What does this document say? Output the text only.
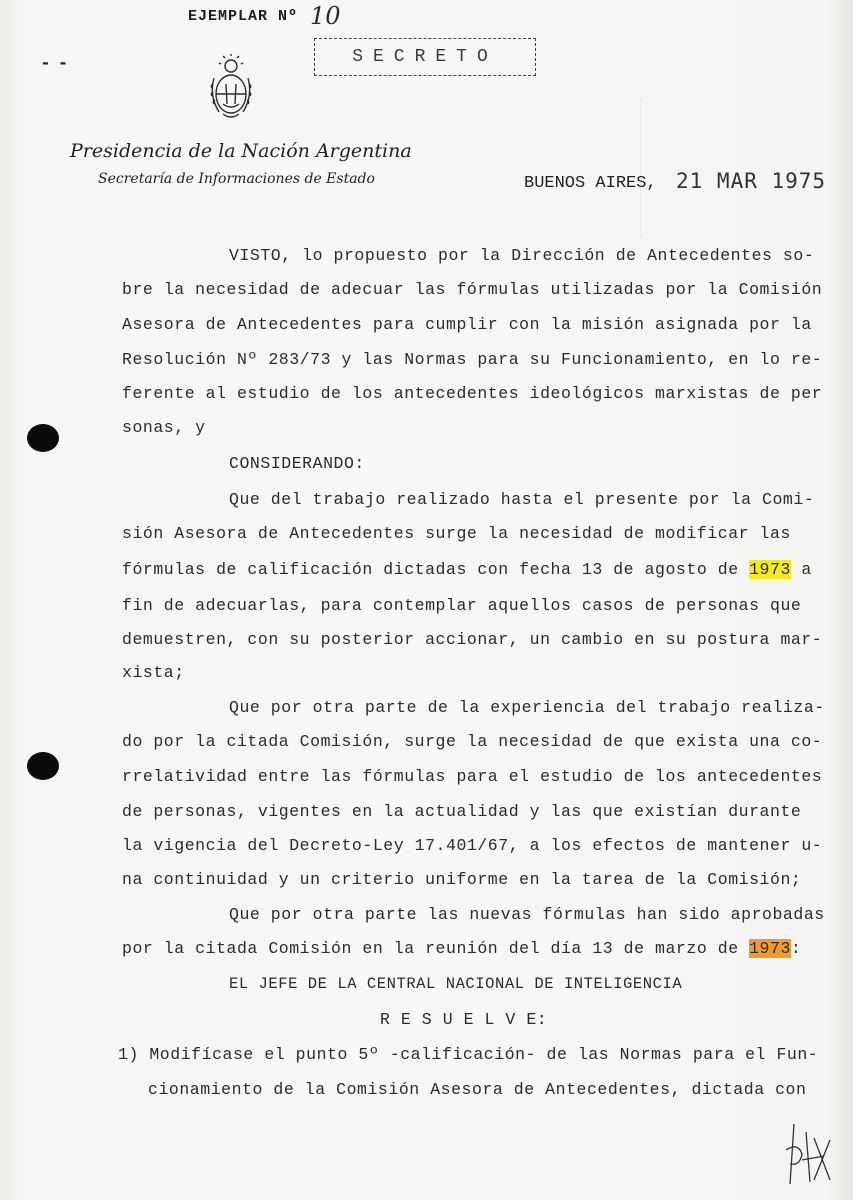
EJEMPLAR Nº 10
- -	SECRETO
Presidencia de la Nación Argentina
Secretaría de Informaciones de Estado	BUENOS AIRES, 21 MAR 1975
VISTO, lo propuesto por la Dirección de Antecedentes so-
bre la necesidad de adecuar las fórmulas utilizadas por la Comisión
Asesora de Antecedentes para cumplir con la misión asignada por la
Resolución Nº 283/73 y las Normas para su Funcionamiento, en lo re-
ferente al estudio de los antecedentes ideológicos marxistas de per
sonas, y
CONSIDERANDO:
Que del trabajo realizado hasta el presente por la Comi-
sión Asesora de Antecedentes surge la necesidad de modificar las
fórmulas de calificación dictadas con fecha 13 de agosto de 1973 a
fin de adecuarlas, para contemplar aquellos casos de personas que
demuestren, con su posterior accionar, un cambio en su postura mar-
xista;
Que por otra parte de la experiencia del trabajo realiza-
do por la citada Comisión, surge la necesidad de que exista una co-
rrelatividad entre las fórmulas para el estudio de los antecedentes
de personas, vigentes en la actualidad y las que existían durante
la vigencia del Decreto-Ley 17.401/67, a los efectos de mantener u-
na continuidad y un criterio uniforme en la tarea de la Comisión;
Que por otra parte las nuevas fórmulas han sido aprobadas
por la citada Comisión en la reunión del día 13 de marzo de 1973:
EL JEFE DE LA CENTRAL NACIONAL DE INTELIGENCIA
R E S U E L V E:
1) Modifícase el punto 5º -calificación- de las Normas para el Fun-
cionamiento de la Comisión Asesora de Antecedentes, dictada con
